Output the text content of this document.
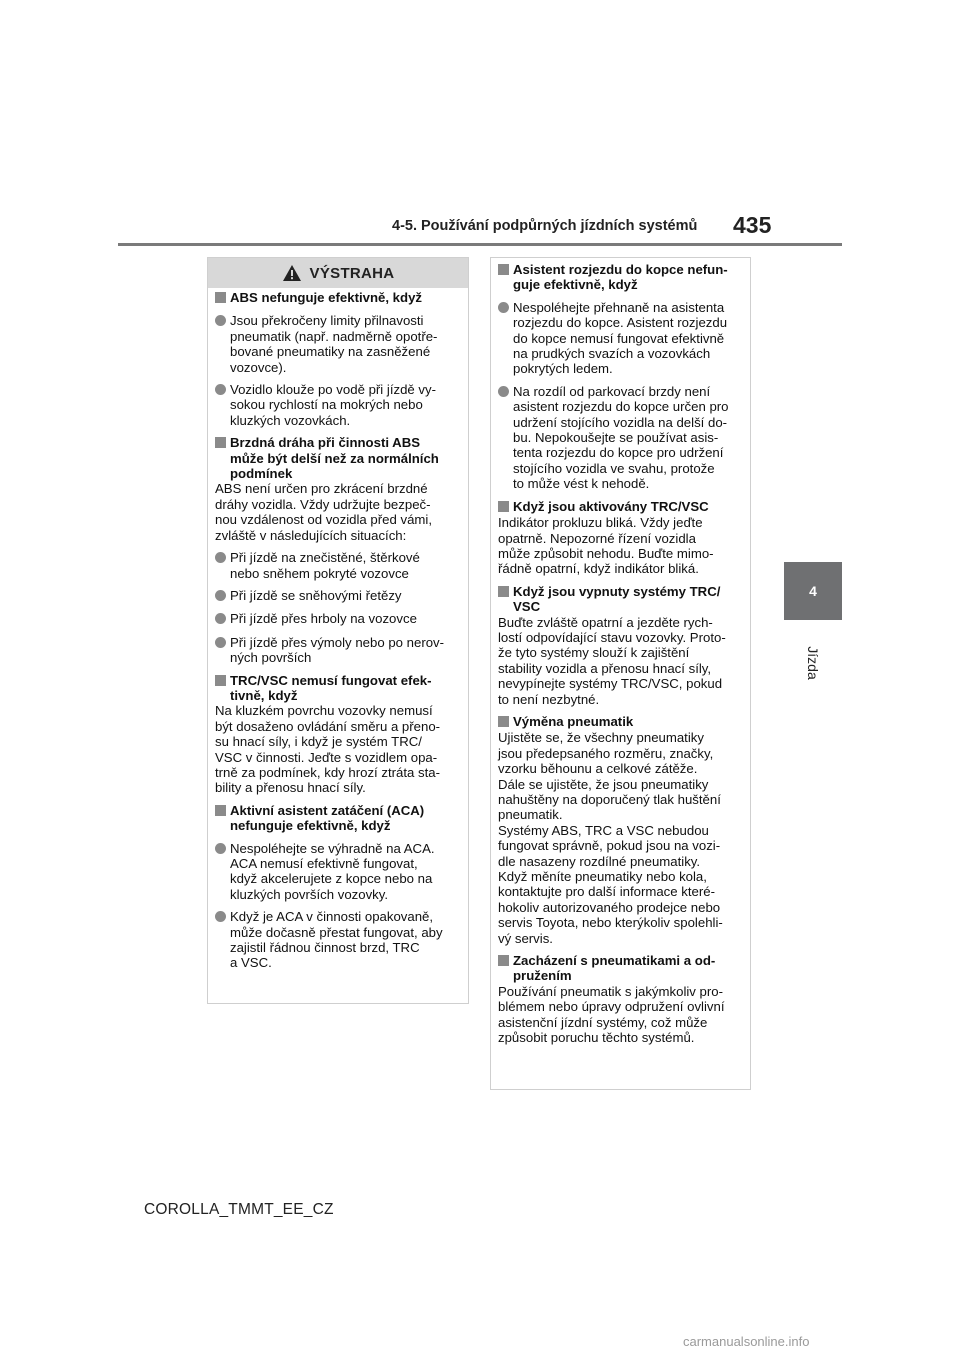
4-5. Používání podpůrných jízdních systémů 435
4
Jízda
VÝSTRAHA
ABS nefunguje efektivně, když
Jsou překročeny limity přilnavosti
pneumatik (např. nadměrně opotře-
bované pneumatiky na zasněžené
vozovce).
Vozidlo klouže po vodě při jízdě vy-
sokou rychlostí na mokrých nebo
kluzkých vozovkách.
Brzdná dráha při činnosti ABS
může být delší než za normálních
podmínek
ABS není určen pro zkrácení brzdné
dráhy vozidla. Vždy udržujte bezpeč-
nou vzdálenost od vozidla před vámi,
zvláště v následujících situacích:
Při jízdě na znečistěné, štěrkové
nebo sněhem pokryté vozovce
Při jízdě se sněhovými řetězy
Při jízdě přes hrboly na vozovce
Při jízdě přes výmoly nebo po nerov-
ných površích
TRC/VSC nemusí fungovat efek-
tivně, když
Na kluzkém povrchu vozovky nemusí
být dosaženo ovládání směru a přeno-
su hnací síly, i když je systém TRC/
VSC v činnosti. Jeďte s vozidlem opa-
trně za podmínek, kdy hrozí ztráta sta-
bility a přenosu hnací síly.
Aktivní asistent zatáčení (ACA)
nefunguje efektivně, když
Nespoléhejte se výhradně na ACA.
ACA nemusí efektivně fungovat,
když akcelerujete z kopce nebo na
kluzkých površích vozovky.
Když je ACA v činnosti opakovaně,
může dočasně přestat fungovat, aby
zajistil řádnou činnost brzd, TRC
a VSC.
Asistent rozjezdu do kopce nefun-
guje efektivně, když
Nespoléhejte přehnaně na asistenta
rozjezdu do kopce. Asistent rozjezdu
do kopce nemusí fungovat efektivně
na prudkých svazích a vozovkách
pokrytých ledem.
Na rozdíl od parkovací brzdy není
asistent rozjezdu do kopce určen pro
udržení stojícího vozidla na delší do-
bu. Nepokoušejte se používat asis-
tenta rozjezdu do kopce pro udržení
stojícího vozidla ve svahu, protože
to může vést k nehodě.
Když jsou aktivovány TRC/VSC
Indikátor prokluzu bliká. Vždy jeďte
opatrně. Nepozorné řízení vozidla
může způsobit nehodu. Buďte mimo-
řádně opatrní, když indikátor bliká.
Když jsou vypnuty systémy TRC/
VSC
Buďte zvláště opatrní a jezděte rych-
lostí odpovídající stavu vozovky. Proto-
že tyto systémy slouží k zajištění
stability vozidla a přenosu hnací síly,
nevypínejte systémy TRC/VSC, pokud
to není nezbytné.
Výměna pneumatik
Ujistěte se, že všechny pneumatiky
jsou předepsaného rozměru, značky,
vzorku běhounu a celkové zátěže.
Dále se ujistěte, že jsou pneumatiky
nahuštěny na doporučený tlak huštění
pneumatik.
Systémy ABS, TRC a VSC nebudou
fungovat správně, pokud jsou na vozi-
dle nasazeny rozdílné pneumatiky.
Když měníte pneumatiky nebo kola,
kontaktujte pro další informace které-
hokoliv autorizovaného prodejce nebo
servis Toyota, nebo kterýkoliv spolehli-
vý servis.
Zacházení s pneumatikami a od-
pružením
Používání pneumatik s jakýmkoliv pro-
blémem nebo úpravy odpružení ovlivní
asistenční jízdní systémy, což může
způsobit poruchu těchto systémů.
COROLLA_TMMT_EE_CZ
carmanualsonline.info
